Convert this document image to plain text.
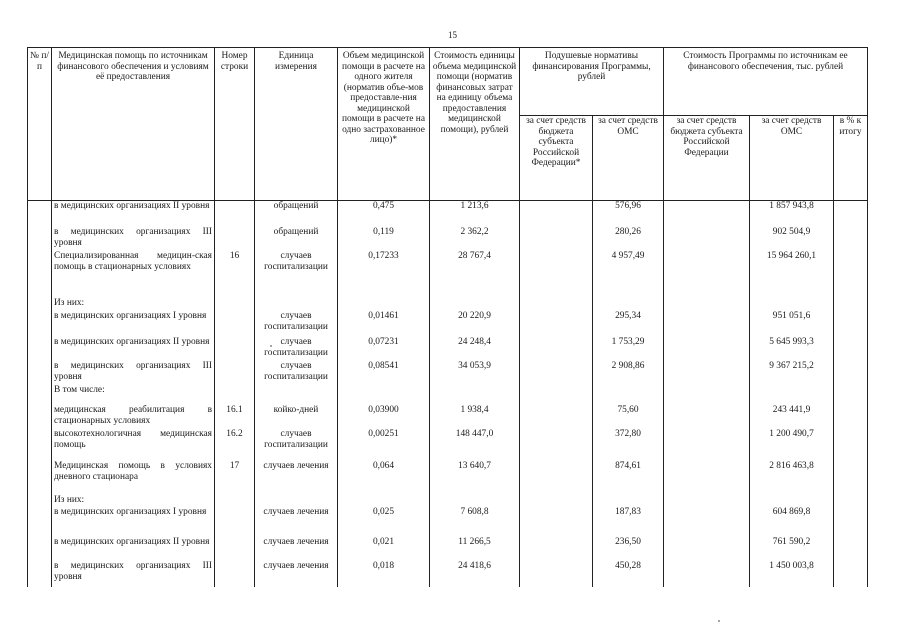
15
№ п/п	Медицинская помощь по источникам финансового обеспечения и условиям её предоставления	Номер строки	Единица измерения	Объем медицинской помощи в расчете на одного жителя (норматив объе-мов предоставле-ния медицинской помощи в расчете на одно застрахованное лицо)*	Стоимость единицы объема медицинской помощи (норматив финансовых затрат на единицу объема предоставления медицинской помощи), рублей	Подушевые нормативы финансирования Программы, рублей		Стоимость Программы по источникам ее финансового обеспечения, тыс. рублей		
						за счет средств бюджета субъекта Российской Федерации*	за счет средств ОМС	за счет средств бюджета субъекта Российской Федерации	за счет средств ОМС	в % к итогу
	в медицинских организациях II уровня		обращений	0,475	1 213,6		576,96		1 857 943,8	
	в медицинских организациях III уровня		обращений	0,119	2 362,2		280,26		902 504,9	
	Специализированная медицин-ская помощь в стационарных условиях	16	случаев госпитализации	0,17233	28 767,4		4 957,49		15 964 260,1	
	Из них:									
	в медицинских организациях I уровня		случаев госпитализации	0,01461	20 220,9		295,34		951 051,6	
	в медицинских организациях II уровня		случаев госпитализации	0,07231	24 248,4		1 753,29		5 645 993,3	
	в медицинских организациях III уровня		случаев госпитализации	0,08541	34 053,9		2 908,86		9 367 215,2	
	В том числе:									
	медицинская реабилитация в стационарных условиях	16.1	койко-дней	0,03900	1 938,4		75,60		243 441,9	
	высокотехнологичная медицинская помощь	16.2	случаев госпитализации	0,00251	148 447,0		372,80		1 200 490,7	
	Медицинская помощь в условиях дневного стационара	17	случаев лечения	0,064	13 640,7		874,61		2 816 463,8	
	Из них:									
	в медицинских организациях I уровня		случаев лечения	0,025	7 608,8		187,83		604 869,8	
	в медицинских организациях II уровня		случаев лечения	0,021	11 266,5		236,50		761 590,2	
	в медицинских организациях III уровня		случаев лечения	0,018	24 418,6		450,28		1 450 003,8	
